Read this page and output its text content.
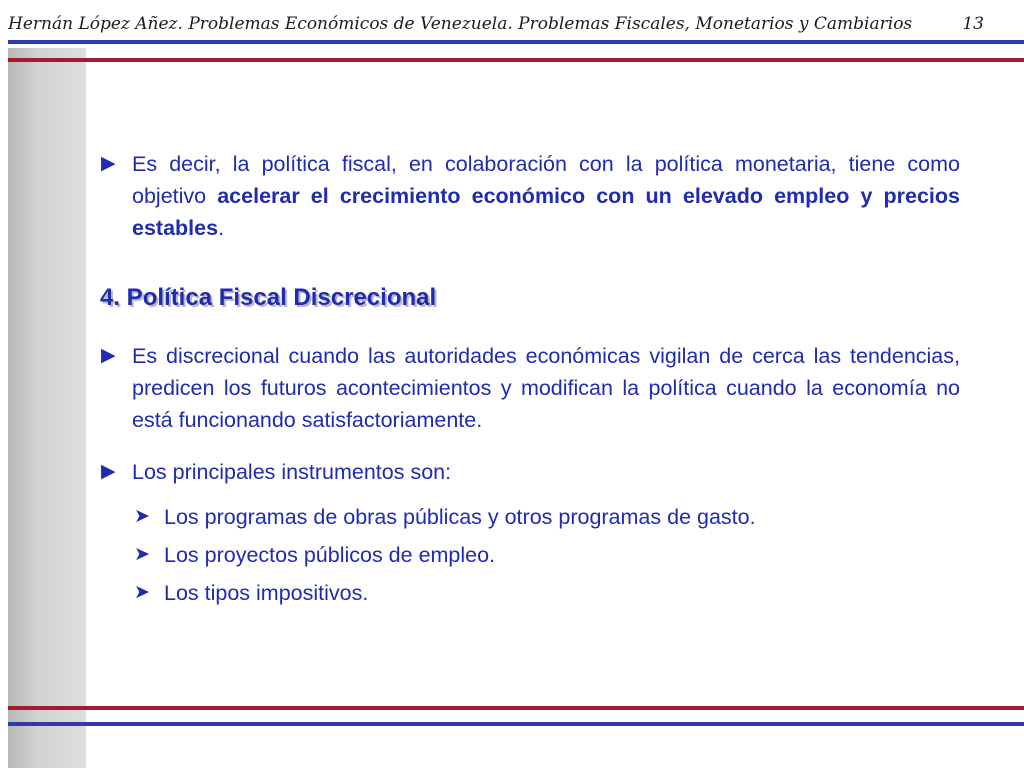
Hernán López Añez. Problemas Económicos de Venezuela. Problemas Fiscales, Monetarios y Cambiarios	13
▶ Es decir, la política fiscal, en colaboración con la política monetaria, tiene como objetivo acelerar el crecimiento económico con un elevado empleo y precios estables.
4. Política Fiscal Discrecional
▶ Es discrecional cuando las autoridades económicas vigilan de cerca las tendencias, predicen los futuros acontecimientos y modifican la política cuando la economía no está funcionando satisfactoriamente.
▶ Los principales instrumentos son:
➤ Los programas de obras públicas y otros programas de gasto.
➤ Los proyectos públicos de empleo.
➤ Los tipos impositivos.
